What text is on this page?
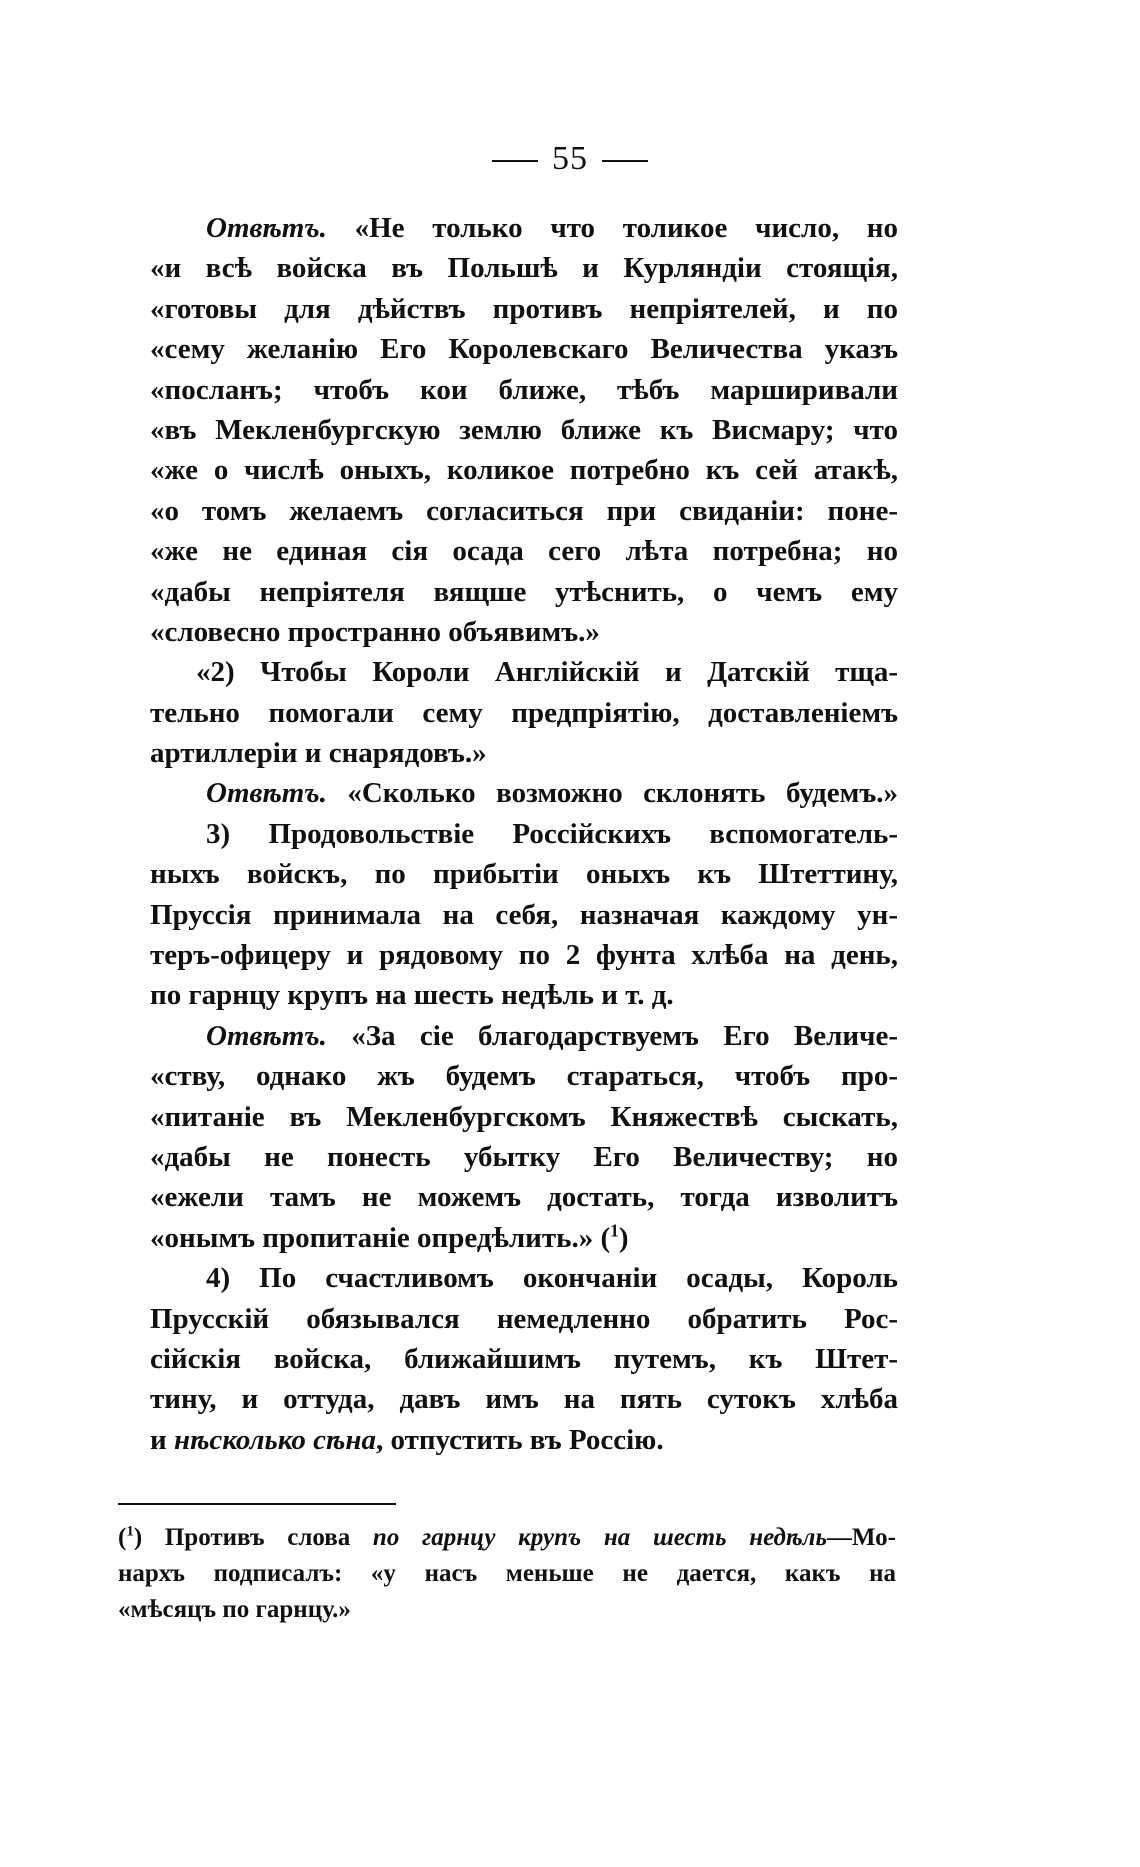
55
Отвѣтъ. «Не только что толикое число, но
«и всѣ войска въ Польшѣ и Курляндіи стоящія,
«готовы для дѣйствъ противъ непріятелей, и по
«сему желанію Его Королевскаго Величества указъ
«посланъ; чтобъ кои ближе, тѣбъ марширивали
«въ Мекленбургскую землю ближе къ Висмару; что
«же о числѣ оныхъ, коликое потребно къ сей атакѣ,
«о томъ желаемъ согласиться при свиданіи: поне-
«же не единая сія осада сего лѣта потребна; но
«дабы непріятеля вящше утѣснить, о чемъ ему
«словесно пространно объявимъ.»
«2) Чтобы Короли Англійскій и Датскій тща-
тельно помогали сему предпріятію, доставленіемъ
артиллеріи и снарядовъ.»
Отвѣтъ. «Сколько возможно склонять будемъ.»
3) Продовольствіе Россійскихъ вспомогатель-
ныхъ войскъ, по прибытіи оныхъ къ Штеттину,
Пруссія принимала на себя, назначая каждому ун-
теръ-офицеру и рядовому по 2 фунта хлѣба на день,
по гарнцу крупъ на шесть недѣль и т. д.
Отвѣтъ. «За сіе благодарствуемъ Его Величе-
«ству, однако жъ будемъ стараться, чтобъ про-
«питаніе въ Мекленбургскомъ Княжествѣ сыскать,
«дабы не понесть убытку Его Величеству; но
«ежели тамъ не можемъ достать, тогда изволитъ
«онымъ пропитаніе опредѣлить.» ($^1$)
4) По счастливомъ окончаніи осады, Король
Прусскій обязывался немедленно обратить Рос-
сійскія войска, ближайшимъ путемъ, къ Штет-
тину, и оттуда, давъ имъ на пять сутокъ хлѣба
и нѣсколько сѣна, отпустить въ Россію.
($^1$) Противъ слова по гарнцу крупъ на шесть недѣль—Мо-
нархъ подписалъ: «у насъ меньше не дается, какъ на
«мѣсяцъ по гарнцу.»
